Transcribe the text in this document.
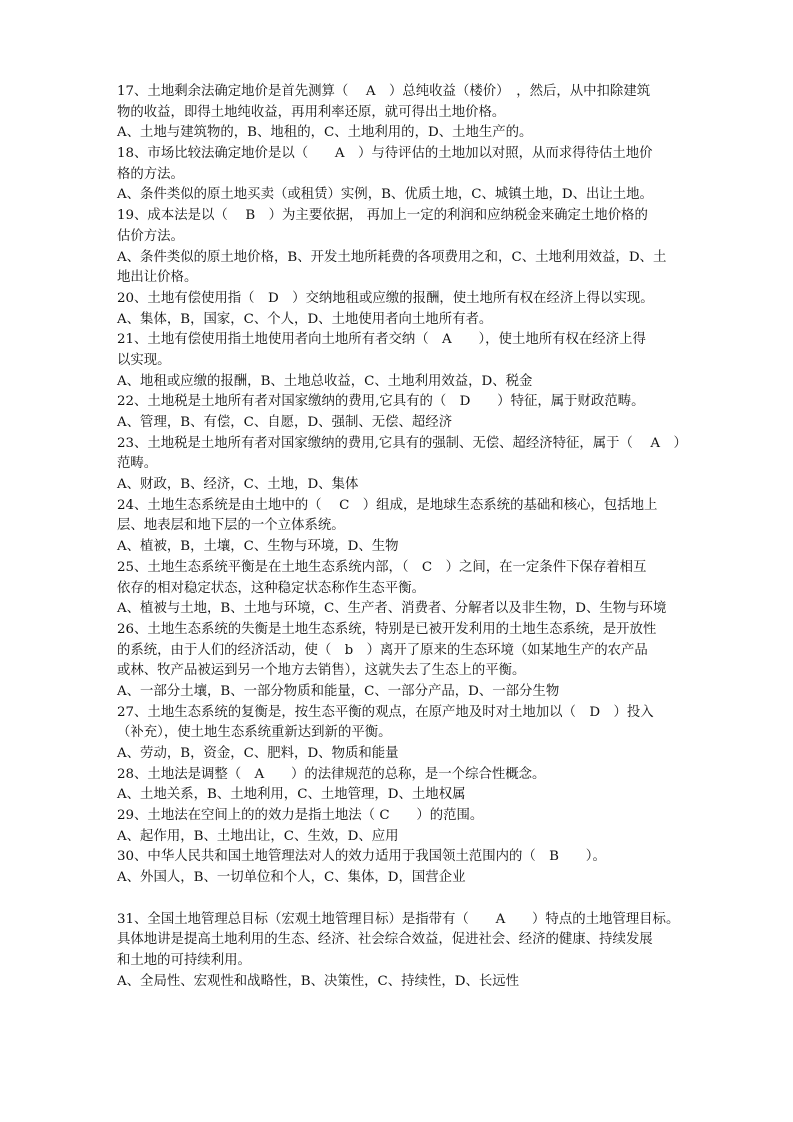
17、土地剩余法确定地价是首先测算（　 A　）总纯收益（楼价）　，然后，从中扣除建筑
物的收益，即得土地纯收益，再用利率还原，就可得出土地价格。
A、土地与建筑物的，B、地租的，C、土地利用的，D、土地生产的。
18、市场比较法确定地价是以（　　A　）与待评估的土地加以对照，从而求得待估土地价
格的方法。
A、条件类似的原土地买卖（或租赁）实例，B、优质土地，C、城镇土地，D、出让土地。
19、成本法是以（　 B　）为主要依据， 再加上一定的利润和应纳税金来确定土地价格的
估价方法。
A、条件类似的原土地价格，B、开发土地所耗费的各项费用之和，C、土地利用效益，D、土
地出让价格。
20、土地有偿使用指（　D　）交纳地租或应缴的报酬，使土地所有权在经济上得以实现。
A、集体，B，国家，C、个人，D、土地使用者向土地所有者。
21、土地有偿使用指土地使用者向土地所有者交纳（　A　　），使土地所有权在经济上得
以实现。
A、地租或应缴的报酬，B、土地总收益，C、土地利用效益，D、税金
22、土地税是土地所有者对国家缴纳的费用,它具有的（　D　　）特征，属于财政范畴。
A、管理，B、有偿，C、自愿，D、强制、无偿、超经济
23、土地税是土地所有者对国家缴纳的费用,它具有的强制、无偿、超经济特征，属于（　 A　）
范畴。
A、财政，B、经济，C、土地，D、集体
24、土地生态系统是由土地中的（　 C　）组成，是地球生态系统的基础和核心，包括地上
层、地表层和地下层的一个立体系统。
A、植被，B，土壤，C、生物与环境，D、生物
25、土地生态系统平衡是在土地生态系统内部，（　C　）之间，在一定条件下保存着相互
依存的相对稳定状态，这种稳定状态称作生态平衡。
A、植被与土地，B、土地与环境，C、生产者、消费者、分解者以及非生物，D、生物与环境
26、土地生态系统的失衡是土地生态系统，特别是已被开发利用的土地生态系统，是开放性
的系统，由于人们的经济活动，使（　b　）离开了原来的生态环境（如某地生产的农产品
或林、牧产品被运到另一个地方去销售），这就失去了生态上的平衡。
A、一部分土壤，B、一部分物质和能量，C、一部分产品，D、一部分生物
27、土地生态系统的复衡是，按生态平衡的观点，在原产地及时对土地加以（　D　）投入
（补充），使土地生态系统重新达到新的平衡。
A、劳动，B，资金，C、肥料，D、物质和能量
28、土地法是调整（　A　　）的法律规范的总称，是一个综合性概念。
A、土地关系，B、土地利用，C、土地管理，D、土地权属
29、土地法在空间上的的效力是指土地法（ C　　）的范围。
A、起作用，B、土地出让，C、生效，D、应用
30、中华人民共和国土地管理法对人的效力适用于我国领土范围内的（　B　　）。
A、外国人，B、一切单位和个人，C、集体，D，国营企业
31、全国土地管理总目标（宏观土地管理目标）是指带有（　　A　　）特点的土地管理目标。
具体地讲是提高土地利用的生态、经济、社会综合效益，促进社会、经济的健康、持续发展
和土地的可持续利用。
A、全局性、宏观性和战略性，B、决策性，C、持续性，D、长远性
